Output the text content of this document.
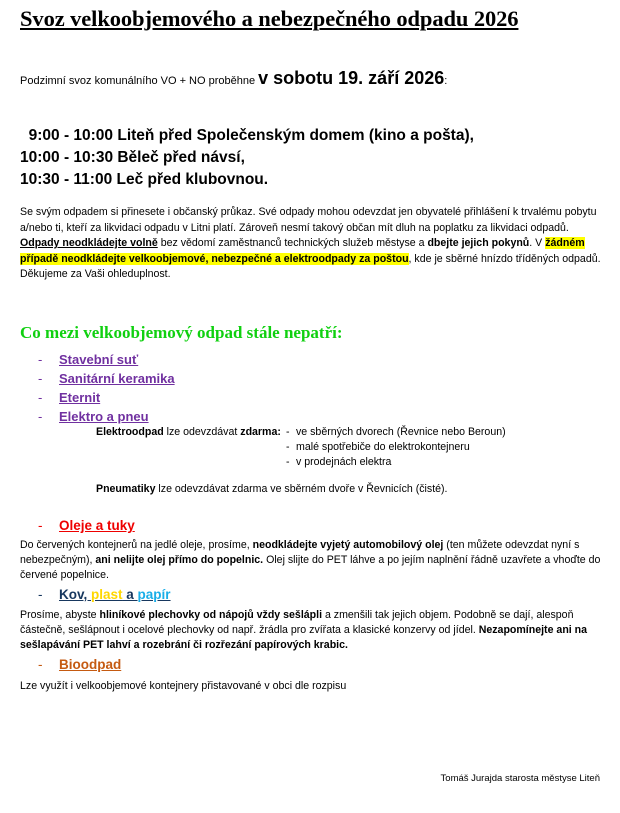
Svoz velkoobjemového a nebezpečného odpadu 2026
Podzimní svoz komunálního VO + NO proběhne v sobotu 19. září 2026:
9:00 - 10:00 Liteň před Společenským domem (kino a pošta),
10:00 - 10:30 Běleč před návsí,
10:30 - 11:00 Leč před klubovnou.

Se svým odpadem si přinesete i občanský průkaz. Své odpady mohou odevzdat jen obyvatelé přihlášení k trvalému pobytu a/nebo ti, kteří za likvidaci odpadu v Litni platí. Zároveň nesmí takový občan mít dluh na poplatku za likvidaci odpadů.

Odpady neodkládejte volně bez vědomí zaměstnanců technických služeb městyse a dbejte jejich pokynů. V žádném případě neodkládejte velkoobjemové, nebezpečné a elektroodpady za poštou, kde je sběrné hnízdo tříděných odpadů. Děkujeme za Vaši ohleduplnost.

Co mezi velkoobjemový odpad stále nepatří:
- Stavební suť
- Sanitární keramika
- Eternit
- Elektro a pneu
Elektroodpad lze odevzdávat zdarma: - ve sběrných dvorech (Řevnice nebo Beroun)
- malé spotřebiče do elektrokontejneru
- v prodejnách elektra
Pneumatiky lze odevzdávat zdarma ve sběrném dvoře v Řevnicích (čisté).
- Oleje a tuky
Do červených kontejnerů na jedlé oleje, prosíme, neodkládejte vyjetý automobilový olej (ten můžete odevzdat nyní s nebezpečným), ani nelijte olej přímo do popelnic. Olej slijte do PET láhve a po jejím naplnění řádně uzavřete a vhoďte do červené popelnice.
- Kov, plast a papír
Prosíme, abyste hliníkové plechovky od nápojů vždy sešlápli a zmenšili tak jejich objem. Podobně se dají, alespoň částečně, sešlápnout i ocelové plechovky od např. žrádla pro zvířata a klasické konzervy od jídel. Nezapomínejte ani na sešlapávání PET lahví a rozebrání či rozřezání papírových krabic.
- Bioodpad
Lze využít i velkoobjemové kontejnery přistavované v obci dle rozpisu
Tomáš Jurajda starosta městyse Liteň
